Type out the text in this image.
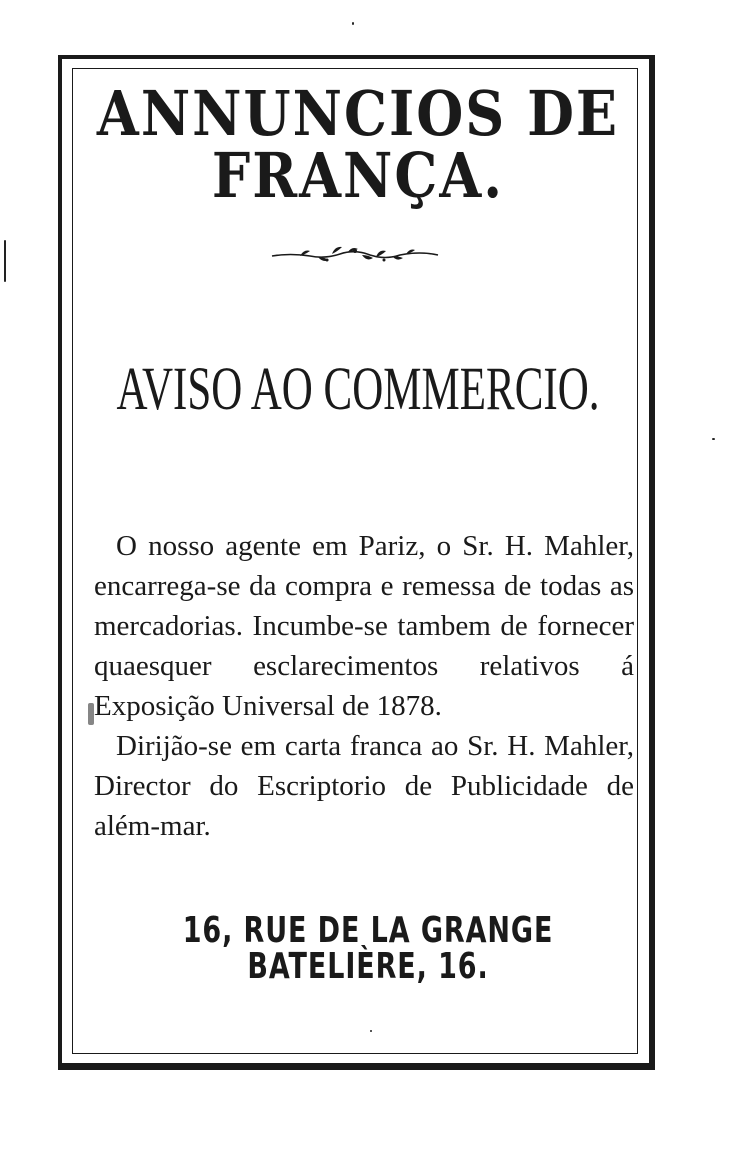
ANNUNCIOS DE FRANÇA.
AVISO AO COMMERCIO.

O nosso agente em Pariz, o Sr. H. Mahler, encarrega-se da compra e remessa de todas as mercadorias. Incumbe-se tambem de fornecer quaesquer esclarecimentos relativos á Exposição Universal de 1878.

Dirijão-se em carta franca ao Sr. H. Mahler, Director do Escriptorio de Publicidade de além-mar.

16, RUE DE LA GRANGE BATELIÈRE, 16.
